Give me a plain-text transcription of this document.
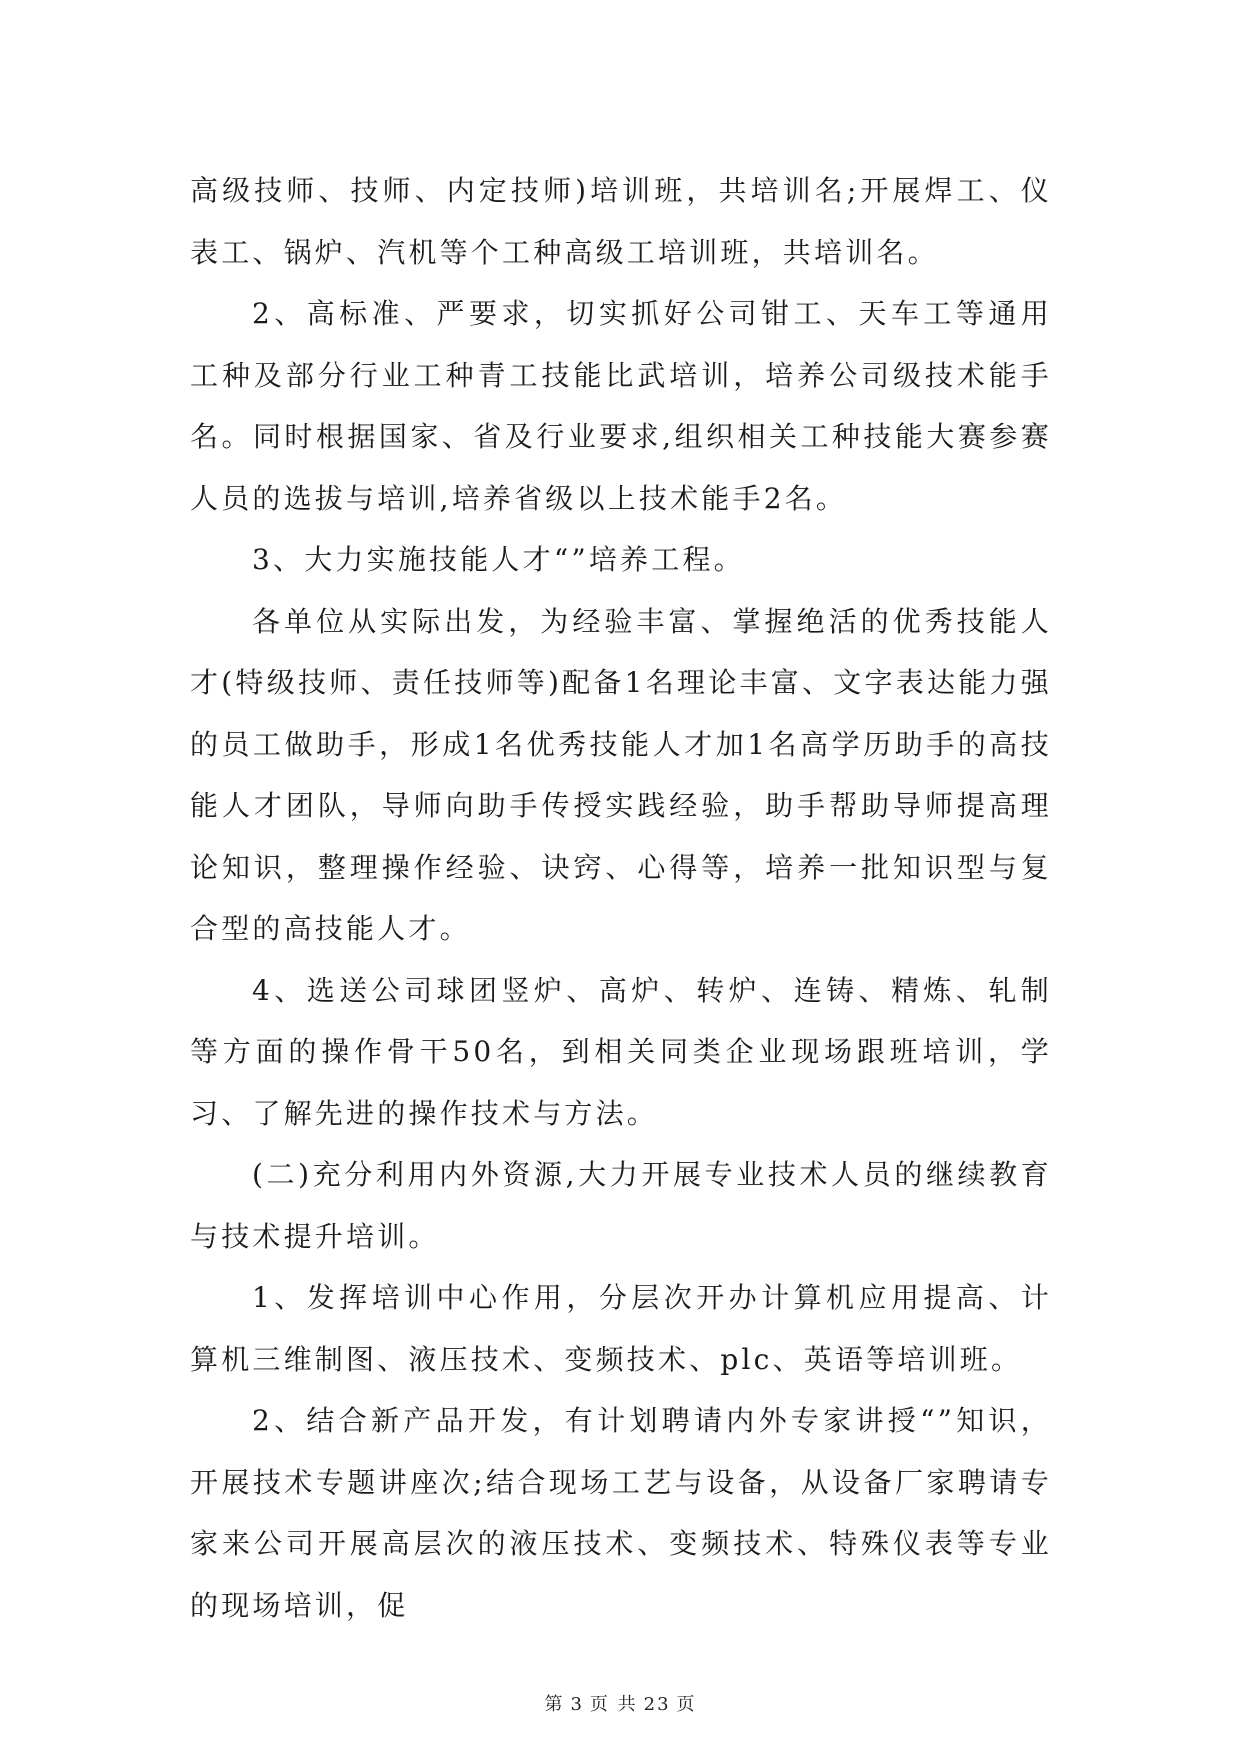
高级技师、技师、内定技师)培训班，共培训名;开展焊工、仪表工、锅炉、汽机等个工种高级工培训班，共培训名。

2、高标准、严要求，切实抓好公司钳工、天车工等通用工种及部分行业工种青工技能比武培训，培养公司级技术能手名。同时根据国家、省及行业要求,组织相关工种技能大赛参赛人员的选拔与培训,培养省级以上技术能手2名。

3、大力实施技能人才“”培养工程。

各单位从实际出发，为经验丰富、掌握绝活的优秀技能人才(特级技师、责任技师等)配备1名理论丰富、文字表达能力强的员工做助手，形成1名优秀技能人才加1名高学历助手的高技能人才团队，导师向助手传授实践经验，助手帮助导师提高理论知识，整理操作经验、诀窍、心得等，培养一批知识型与复合型的高技能人才。

4、选送公司球团竖炉、高炉、转炉、连铸、精炼、轧制等方面的操作骨干50名，到相关同类企业现场跟班培训，学习、了解先进的操作技术与方法。

(二)充分利用内外资源,大力开展专业技术人员的继续教育与技术提升培训。

1、发挥培训中心作用，分层次开办计算机应用提高、计算机三维制图、液压技术、变频技术、plc、英语等培训班。

2、结合新产品开发，有计划聘请内外专家讲授“”知识，开展技术专题讲座次;结合现场工艺与设备，从设备厂家聘请专家来公司开展高层次的液压技术、变频技术、特殊仪表等专业的现场培训，促

第 3 页 共 23 页
